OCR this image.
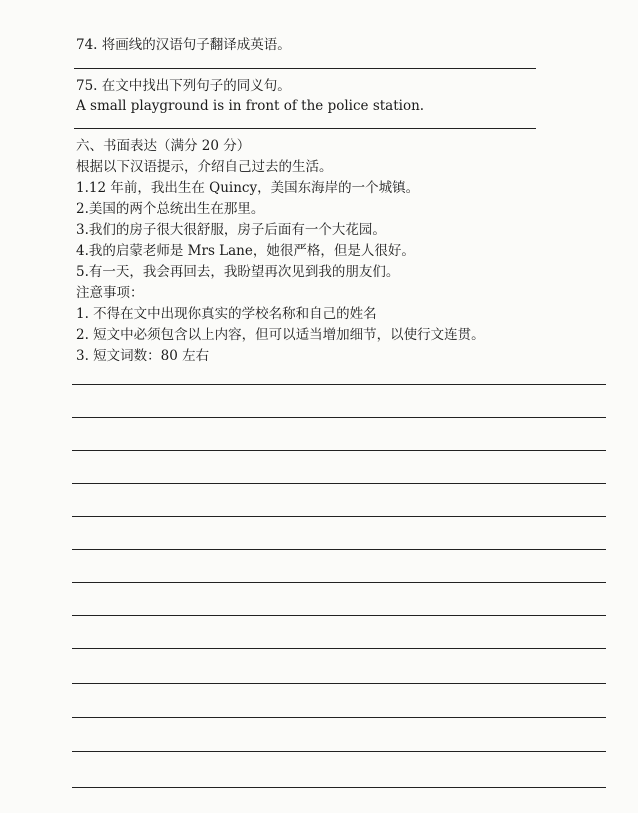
74. 将画线的汉语句子翻译成英语。
75. 在文中找出下列句子的同义句。
A small playground is in front of the police station.
六、书面表达（满分 20 分）
根据以下汉语提示，介绍自己过去的生活。
1.12 年前，我出生在 Quincy，美国东海岸的一个城镇。
2.美国的两个总统出生在那里。
3.我们的房子很大很舒服，房子后面有一个大花园。
4.我的启蒙老师是 Mrs Lane，她很严格，但是人很好。
5.有一天，我会再回去，我盼望再次见到我的朋友们。
注意事项：
1. 不得在文中出现你真实的学校名称和自己的姓名
2. 短文中必须包含以上内容，但可以适当增加细节，以使行文连贯。
3. 短文词数：80 左右
